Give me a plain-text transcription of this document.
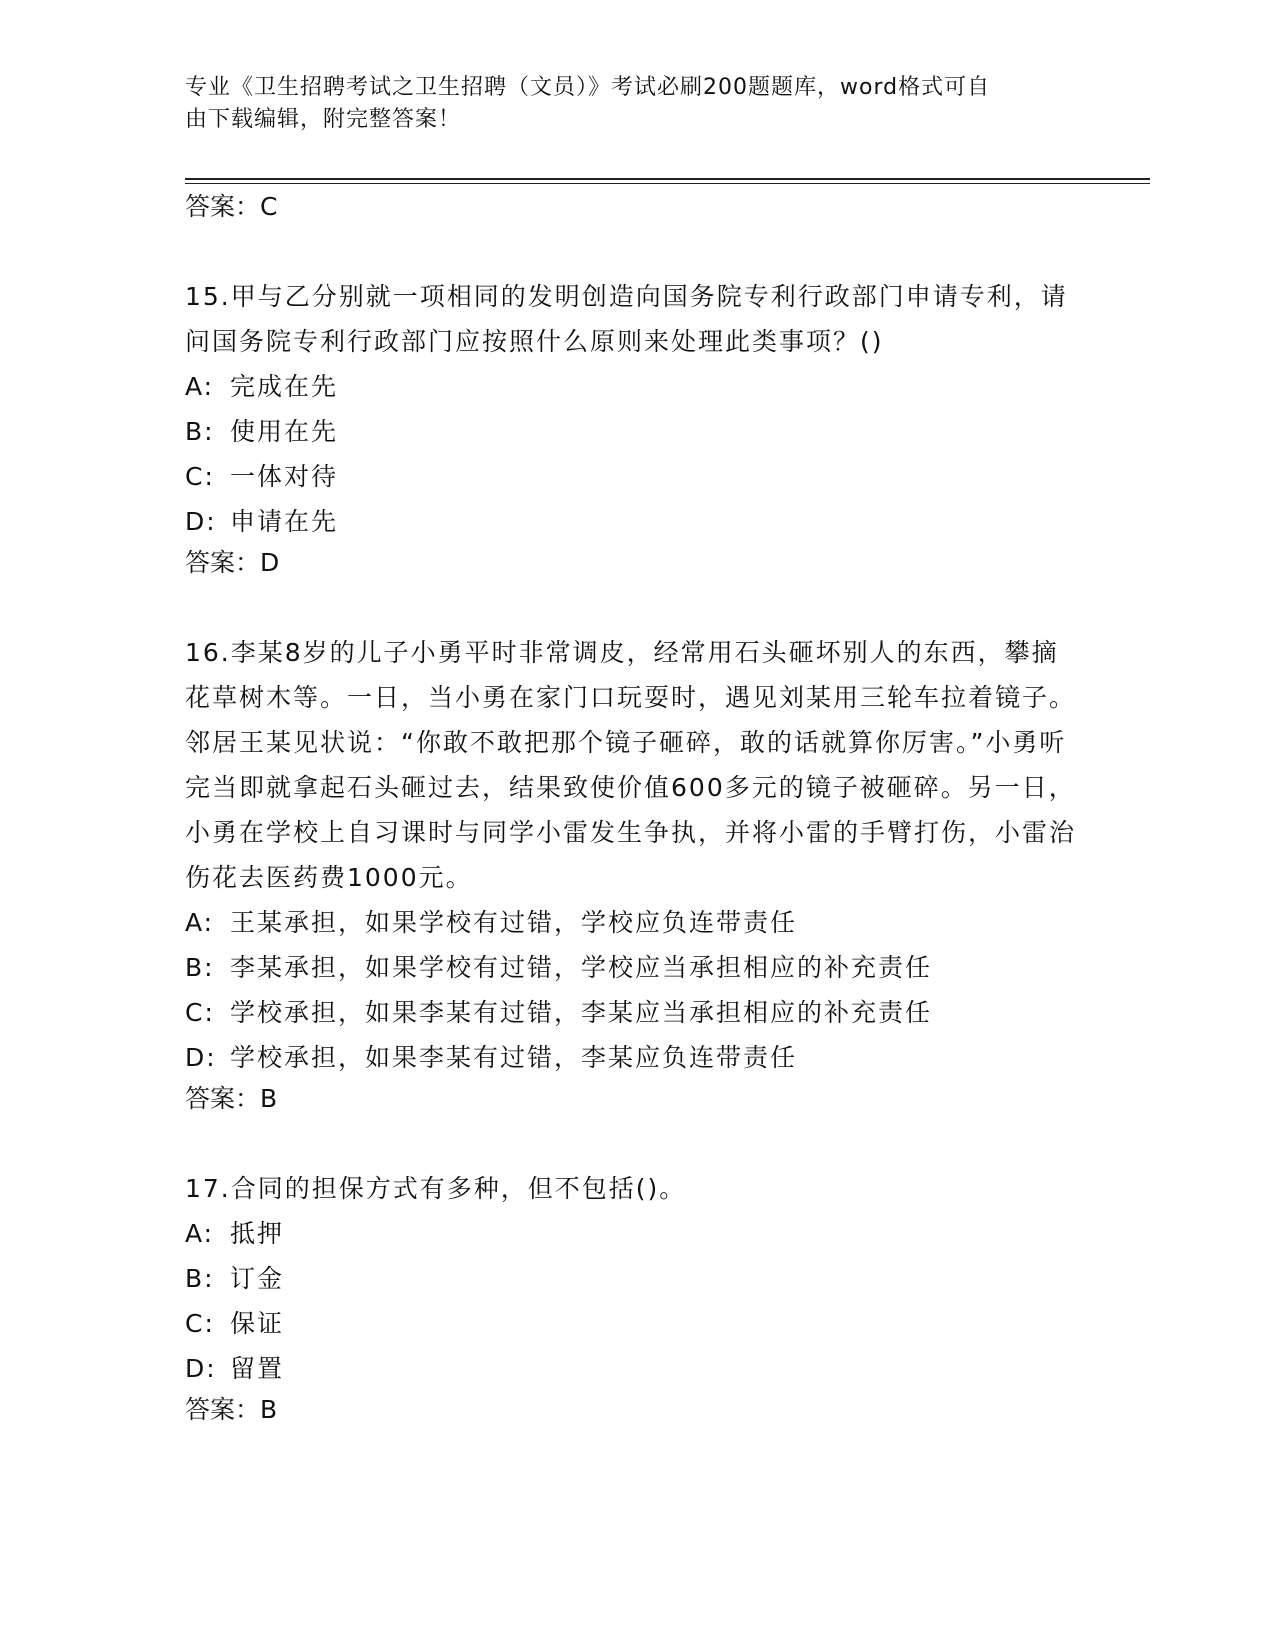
专业《卫生招聘考试之卫生招聘（文员）》考试必刷200题题库，word格式可自
由下载编辑，附完整答案！

答案：C

15.甲与乙分别就一项相同的发明创造向国务院专利行政部门申请专利，请问国务院专利行政部门应按照什么原则来处理此类事项？()

A: 完成在先

B: 使用在先

C: 一体对待

D: 申请在先

答案：D

16.李某8岁的儿子小勇平时非常调皮，经常用石头砸坏别人的东西，攀摘花草树木等。一日，当小勇在家门口玩耍时，遇见刘某用三轮车拉着镜子。邻居王某见状说：“你敢不敢把那个镜子砸碎，敢的话就算你厉害。”小勇听完当即就拿起石头砸过去，结果致使价值600多元的镜子被砸碎。另一日，小勇在学校上自习课时与同学小雷发生争执，并将小雷的手臂打伤，小雷治伤花去医药费1000元。

A: 王某承担，如果学校有过错，学校应负连带责任

B: 李某承担，如果学校有过错，学校应当承担相应的补充责任

C: 学校承担，如果李某有过错，李某应当承担相应的补充责任

D: 学校承担，如果李某有过错，李某应负连带责任

答案：B

17.合同的担保方式有多种，但不包括()。

A: 抵押

B: 订金

C: 保证

D: 留置

答案：B
